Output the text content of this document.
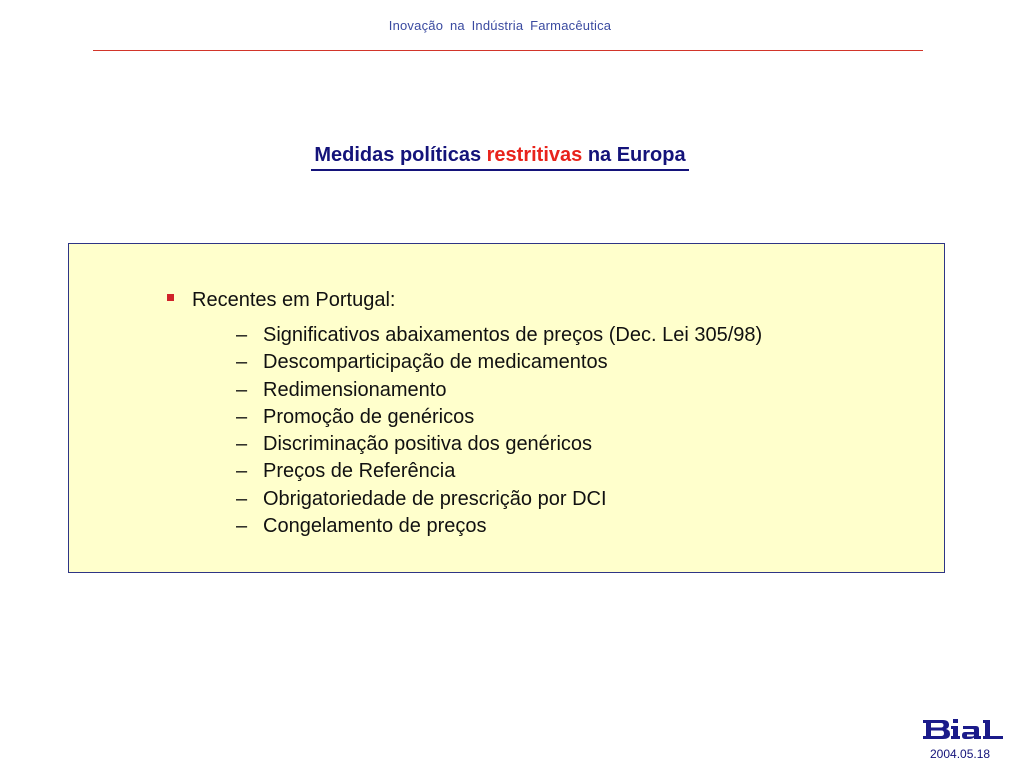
Inovação na Indústria Farmacêutica
Medidas políticas restritivas na Europa
Recentes em Portugal:
– Significativos abaixamentos de preços (Dec. Lei 305/98)
– Descomparticipação de medicamentos
– Redimensionamento
– Promoção de genéricos
– Discriminação positiva dos genéricos
– Preços de Referência
– Obrigatoriedade de prescrição por DCI
– Congelamento de preços
2004.05.18
